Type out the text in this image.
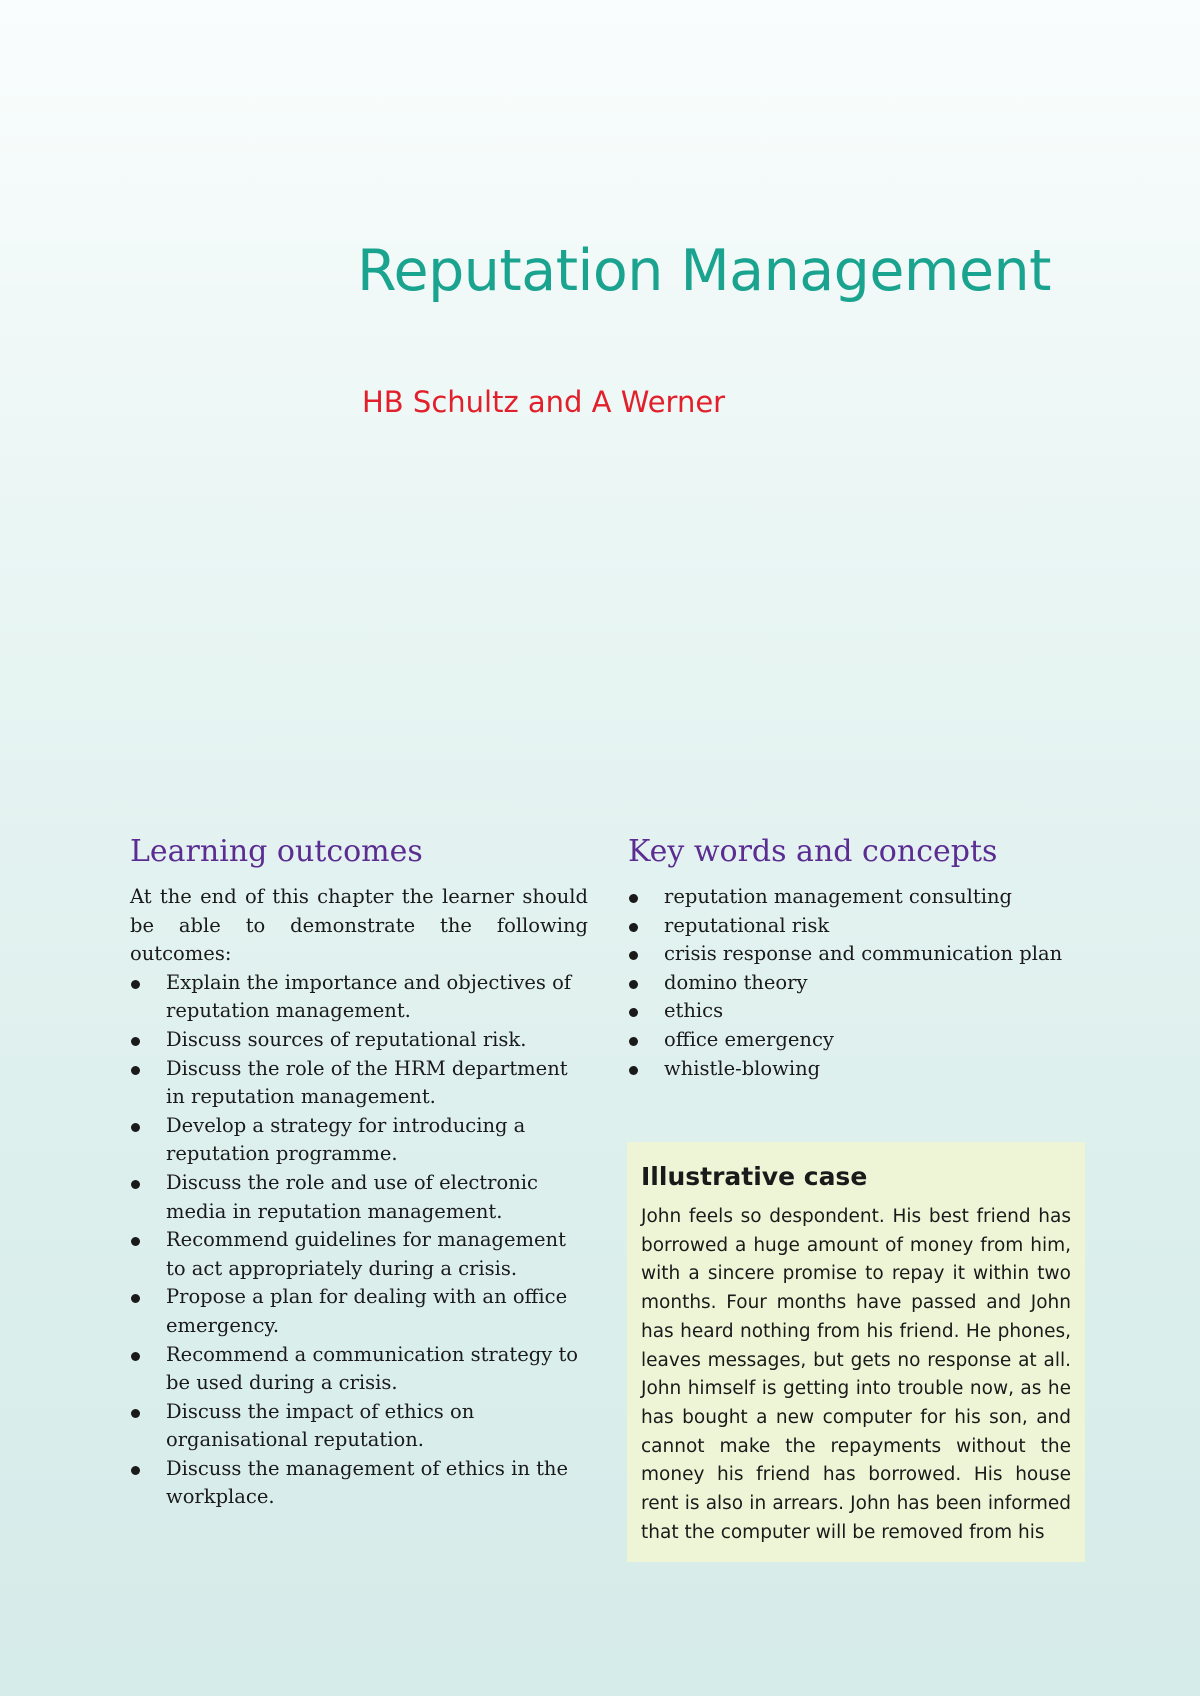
Reputation Management

HB Schultz and A Werner

Learning outcomes

At the end of this chapter the learner should be able to demonstrate the following outcomes:

Explain the importance and objectives of reputation management.
Discuss sources of reputational risk.
Discuss the role of the HRM department in reputation management.
Develop a strategy for introducing a reputation programme.
Discuss the role and use of electronic media in reputation management.
Recommend guidelines for management to act appropriately during a crisis.
Propose a plan for dealing with an office emergency.
Recommend a communication strategy to be used during a crisis.
Discuss the impact of ethics on organisational reputation.
Discuss the management of ethics in the workplace.
Key words and concepts
reputation management consulting
reputational risk
crisis response and communication plan
domino theory
ethics
office emergency
whistle-blowing
Illustrative case

John feels so despondent. His best friend has borrowed a huge amount of money from him, with a sincere promise to repay it within two months. Four months have passed and John has heard nothing from his friend. He phones, leaves messages, but gets no response at all. John himself is getting into trouble now, as he has bought a new computer for his son, and cannot make the repayments without the money his friend has borrowed. His house rent is also in arrears. John has been informed that the computer will be removed from his
